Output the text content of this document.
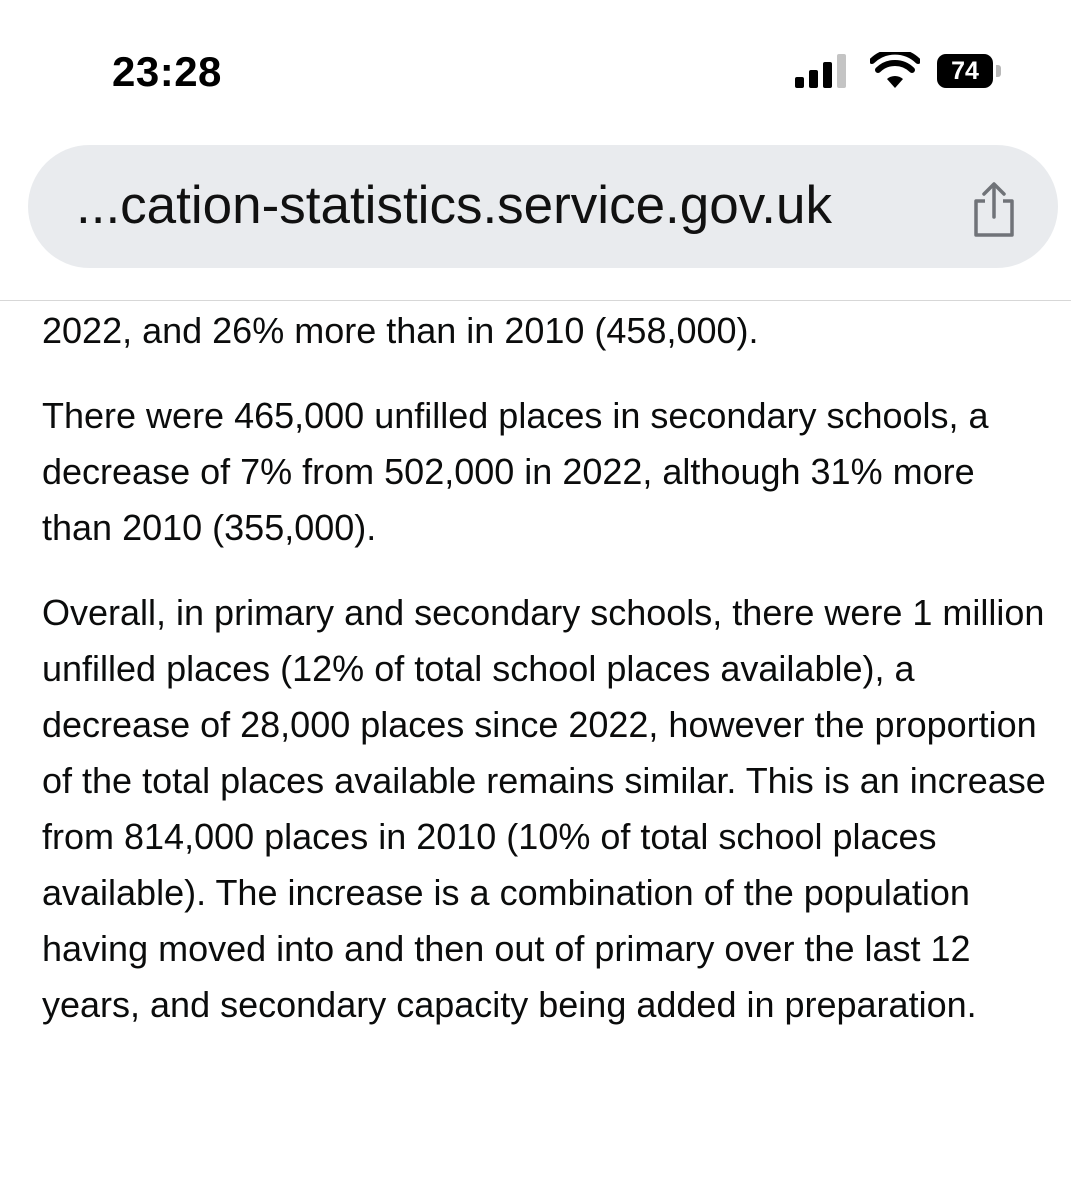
23:28	74
...cation-statistics.service.gov.uk

2022, and 26% more than in 2010 (458,000).

There were 465,000 unfilled places in secondary schools, a decrease of 7% from 502,000 in 2022, although 31% more than 2010 (355,000).

Overall, in primary and secondary schools, there were 1 million unfilled places (12% of total school places available), a decrease of 28,000 places since 2022, however the proportion of the total places available remains similar. This is an increase from 814,000 places in 2010 (10% of total school places available). The increase is a combination of the population having moved into and then out of primary over the last 12 years, and secondary capacity being added in preparation.
